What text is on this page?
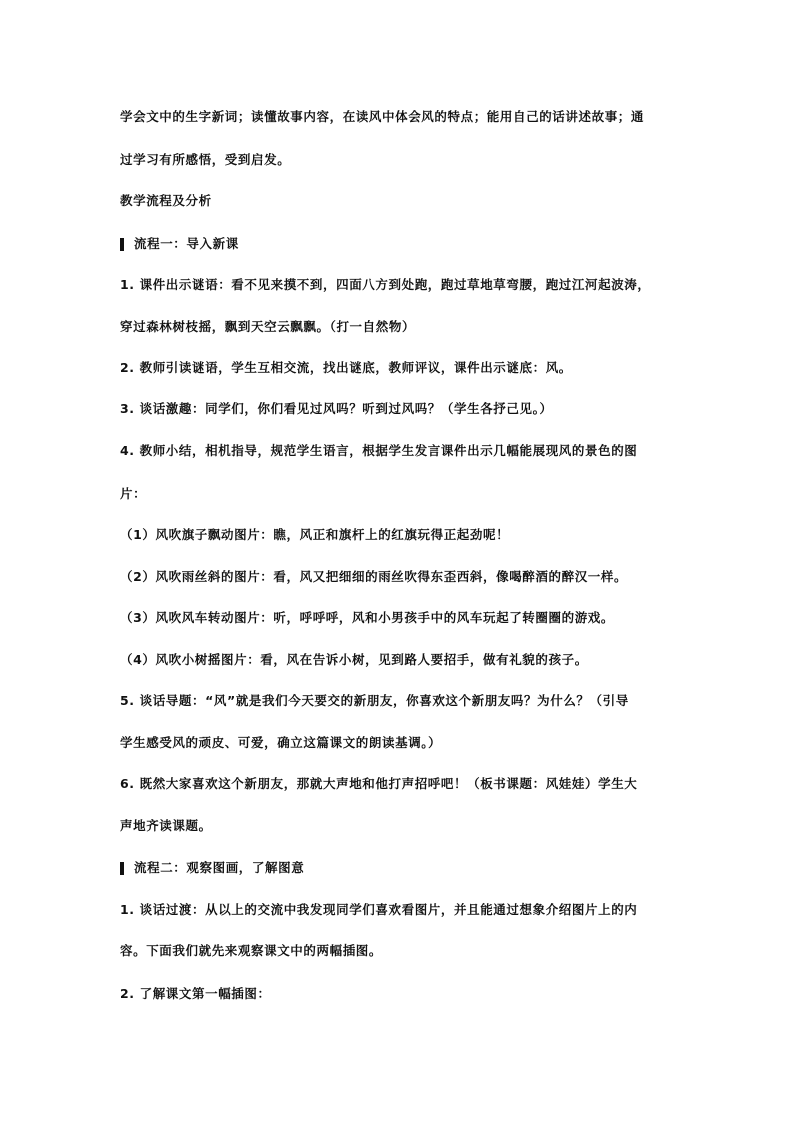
学会文中的生字新词；读懂故事内容，在读风中体会风的特点；能用自己的话讲述故事；通
过学习有所感悟，受到启发。
教学流程及分析
流程一：导入新课
1. 课件出示谜语：看不见来摸不到，四面八方到处跑，跑过草地草弯腰，跑过江河起波涛，
穿过森林树枝摇，飘到天空云飘飘。（打一自然物）
2. 教师引读谜语，学生互相交流，找出谜底，教师评议，课件出示谜底：风。
3. 谈话激趣：同学们，你们看见过风吗？听到过风吗？（学生各抒己见。）
4. 教师小结，相机指导，规范学生语言，根据学生发言课件出示几幅能展现风的景色的图
片：
（1）风吹旗子飘动图片：瞧，风正和旗杆上的红旗玩得正起劲呢！
（2）风吹雨丝斜的图片：看，风又把细细的雨丝吹得东歪西斜，像喝醉酒的醉汉一样。
（3）风吹风车转动图片：听，呼呼呼，风和小男孩手中的风车玩起了转圈圈的游戏。
（4）风吹小树摇图片：看，风在告诉小树，见到路人要招手，做有礼貌的孩子。
5. 谈话导题：“风”就是我们今天要交的新朋友，你喜欢这个新朋友吗？为什么？（引导
学生感受风的顽皮、可爱，确立这篇课文的朗读基调。）
6. 既然大家喜欢这个新朋友，那就大声地和他打声招呼吧！（板书课题：风娃娃）学生大
声地齐读课题。
流程二：观察图画，了解图意
1. 谈话过渡：从以上的交流中我发现同学们喜欢看图片，并且能通过想象介绍图片上的内
容。下面我们就先来观察课文中的两幅插图。
2. 了解课文第一幅插图：
